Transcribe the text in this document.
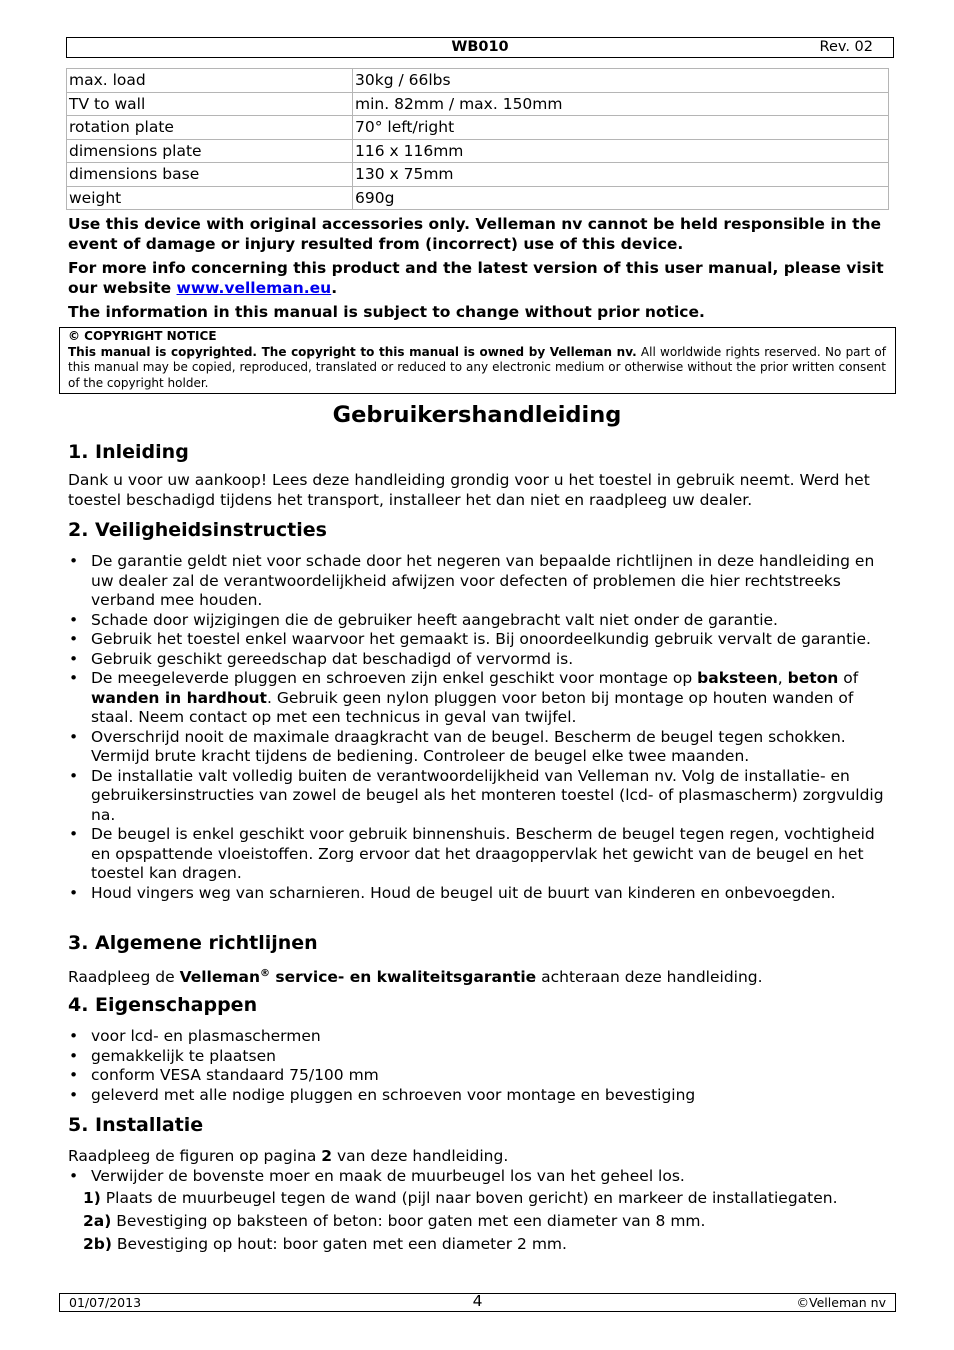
WB010	Rev. 02
max. load	30kg / 66lbs
TV to wall	min. 82mm / max. 150mm
rotation plate	70° left/right
dimensions plate	116 x 116mm
dimensions base	130 x 75mm
weight	690g

Use this device with original accessories only. Velleman nv cannot be held responsible in the event of damage or injury resulted from (incorrect) use of this device.

For more info concerning this product and the latest version of this user manual, please visit our website www.velleman.eu.

The information in this manual is subject to change without prior notice.

© COPYRIGHT NOTICE
This manual is copyrighted. The copyright to this manual is owned by Velleman nv. All worldwide rights reserved. No part of this manual may be copied, reproduced, translated or reduced to any electronic medium or otherwise without the prior written consent of the copyright holder.
Gebruikershandleiding
1. Inleiding
Dank u voor uw aankoop! Lees deze handleiding grondig voor u het toestel in gebruik neemt. Werd het toestel beschadigd tijdens het transport, installeer het dan niet en raadpleeg uw dealer.
2. Veiligheidsinstructies
• De garantie geldt niet voor schade door het negeren van bepaalde richtlijnen in deze handleiding en uw dealer zal de verantwoordelijkheid afwijzen voor defecten of problemen die hier rechtstreeks verband mee houden.
• Schade door wijzigingen die de gebruiker heeft aangebracht valt niet onder de garantie.
• Gebruik het toestel enkel waarvoor het gemaakt is. Bij onoordeelkundig gebruik vervalt de garantie.
• Gebruik geschikt gereedschap dat beschadigd of vervormd is.
• De meegeleverde pluggen en schroeven zijn enkel geschikt voor montage op baksteen, beton of wanden in hardhout. Gebruik geen nylon pluggen voor beton bij montage op houten wanden of staal. Neem contact op met een technicus in geval van twijfel.
• Overschrijd nooit de maximale draagkracht van de beugel. Bescherm de beugel tegen schokken. Vermijd brute kracht tijdens de bediening. Controleer de beugel elke twee maanden.
• De installatie valt volledig buiten de verantwoordelijkheid van Velleman nv. Volg de installatie- en gebruikersinstructies van zowel de beugel als het monteren toestel (lcd- of plasmascherm) zorgvuldig na.
• De beugel is enkel geschikt voor gebruik binnenshuis. Bescherm de beugel tegen regen, vochtigheid en opspattende vloeistoffen. Zorg ervoor dat het draagoppervlak het gewicht van de beugel en het toestel kan dragen.
• Houd vingers weg van scharnieren. Houd de beugel uit de buurt van kinderen en onbevoegden.
3. Algemene richtlijnen
Raadpleeg de Velleman® service- en kwaliteitsgarantie achteraan deze handleiding.
4. Eigenschappen
• voor lcd- en plasmaschermen
• gemakkelijk te plaatsen
• conform VESA standaard 75/100 mm
• geleverd met alle nodige pluggen en schroeven voor montage en bevestiging
5. Installatie
Raadpleeg de figuren op pagina 2 van deze handleiding.
• Verwijder de bovenste moer en maak de muurbeugel los van het geheel los.
1) Plaats de muurbeugel tegen de wand (pijl naar boven gericht) en markeer de installatiegaten.
2a) Bevestiging op baksteen of beton: boor gaten met een diameter van 8 mm.
2b) Bevestiging op hout: boor gaten met een diameter 2 mm.
01/07/2013	4	©Velleman nv
